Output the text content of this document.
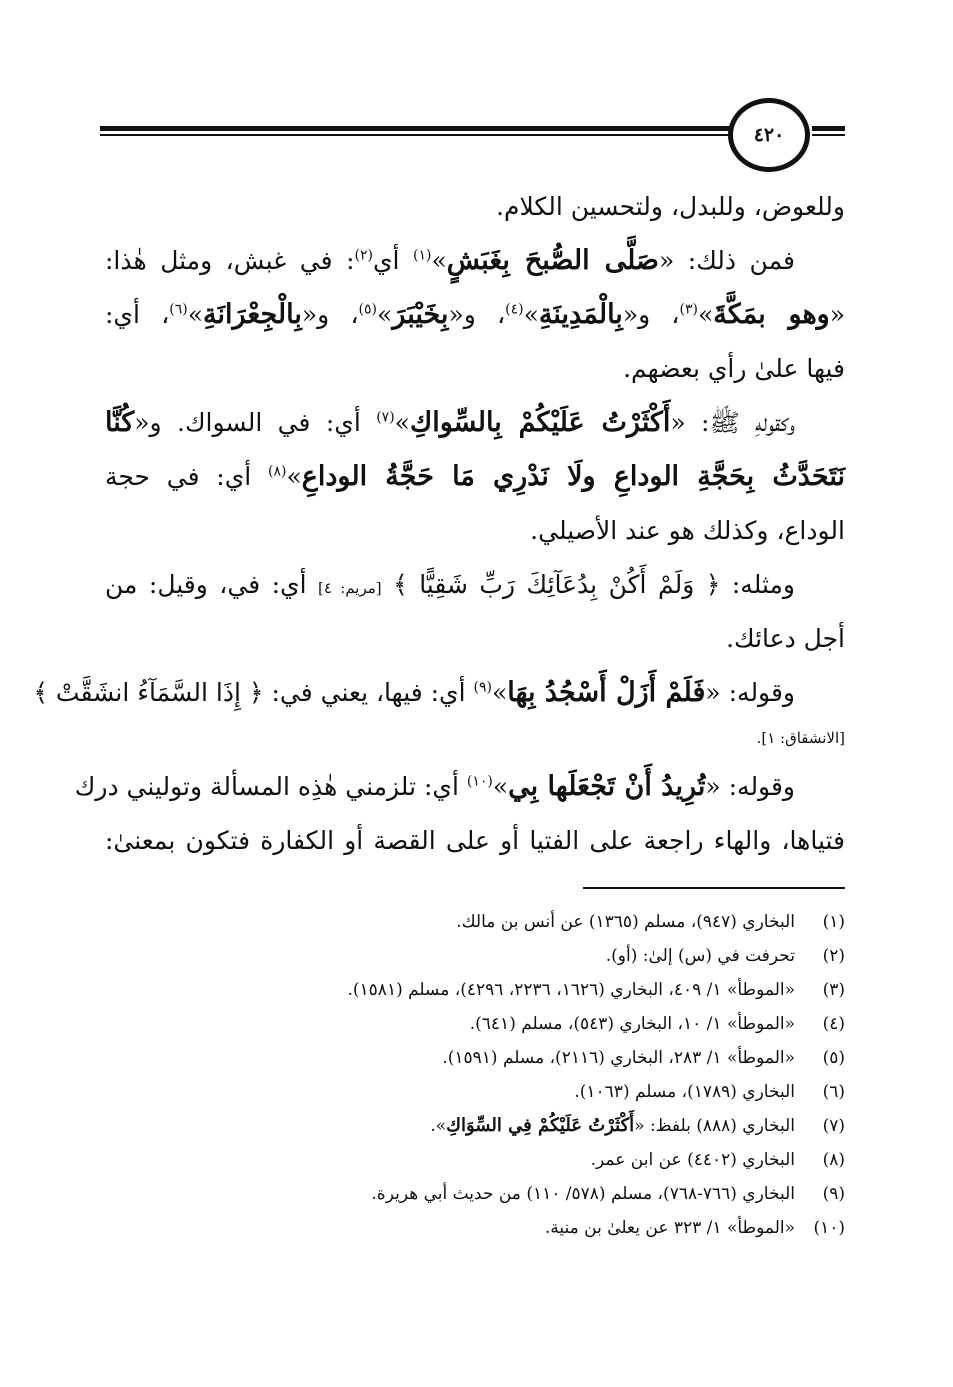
٤٢٠
وللعوض، وللبدل، ولتحسين الكلام.
فمن ذلك: «صَلَّى الصُّبحَ بِغَبَشٍ»$^{(١)}$ أي$^{(٢)}$: في غبش، ومثل هٰذا:
«وهو بمَكَّةَ»$^{(٣)}$، و«بِالْمَدِينَةِ»$^{(٤)}$، و«بِخَيْبَرَ»$^{(٥)}$، و«بِالْجِعْرَانَةِ»$^{(٦)}$، أي:
فيها علىٰ رأي بعضهم.
وكقولهِ ﷺ: «أَكْثَرْتُ عَلَيْكُمْ بِالسِّواكِ»$^{(٧)}$ أي: في السواك. و«كُنَّا
نَتَحَدَّثُ بِحَجَّةِ الوداعِ ولَا نَدْرِي مَا حَجَّةُ الوداعِ»$^{(٨)}$ أي: في حجة
الوداع، وكذلك هو عند الأصيلي.
ومثله: ﴿ وَلَمْ أَكُنْ بِدُعَآئِكَ رَبِّ شَقِيًّا ﴾ [مريم: ٤] أي: في، وقيل: من
أجل دعائك.
وقوله: «فَلَمْ أَزَلْ أَسْجُدُ بِهَا»$^{(٩)}$ أي: فيها، يعني في: ﴿ إِذَا السَّمَآءُ انشَقَّتْ ﴾
[الانشقاق: ١].
وقوله: «تُرِيدُ أَنْ تَجْعَلَها بِي»$^{(١٠)}$ أي: تلزمني هٰذِه المسألة وتوليني درك
فتياها، والهاء راجعة على الفتيا أو على القصة أو الكفارة فتكون بمعنىٰ:
(١)
البخاري (٩٤٧)، مسلم (١٣٦٥) عن أنس بن مالك.
(٢)
تحرفت في (س) إلىٰ: (أو).
(٣)
«الموطأ» ١/ ٤٠٩، البخاري (١٦٢٦، ٢٢٣٦، ٤٢٩٦)، مسلم (١٥٨١).
(٤)
«الموطأ» ١/ ١٠، البخاري (٥٤٣)، مسلم (٦٤١).
(٥)
«الموطأ» ١/ ٢٨٣، البخاري (٢١١٦)، مسلم (١٥٩١).
(٦)
البخاري (١٧٨٩)، مسلم (١٠٦٣).
(٧)
البخاري (٨٨٨) بلفظ: «أَكْثَرْتُ عَلَيْكُمْ فِي السِّوَاكِ».
(٨)
البخاري (٤٤٠٢) عن ابن عمر.
(٩)
البخاري (٧٦٦-٧٦٨)، مسلم (٥٧٨/ ١١٠) من حديث أبي هريرة.
(١٠)
«الموطأ» ١/ ٣٢٣ عن يعلىٰ بن منية.
